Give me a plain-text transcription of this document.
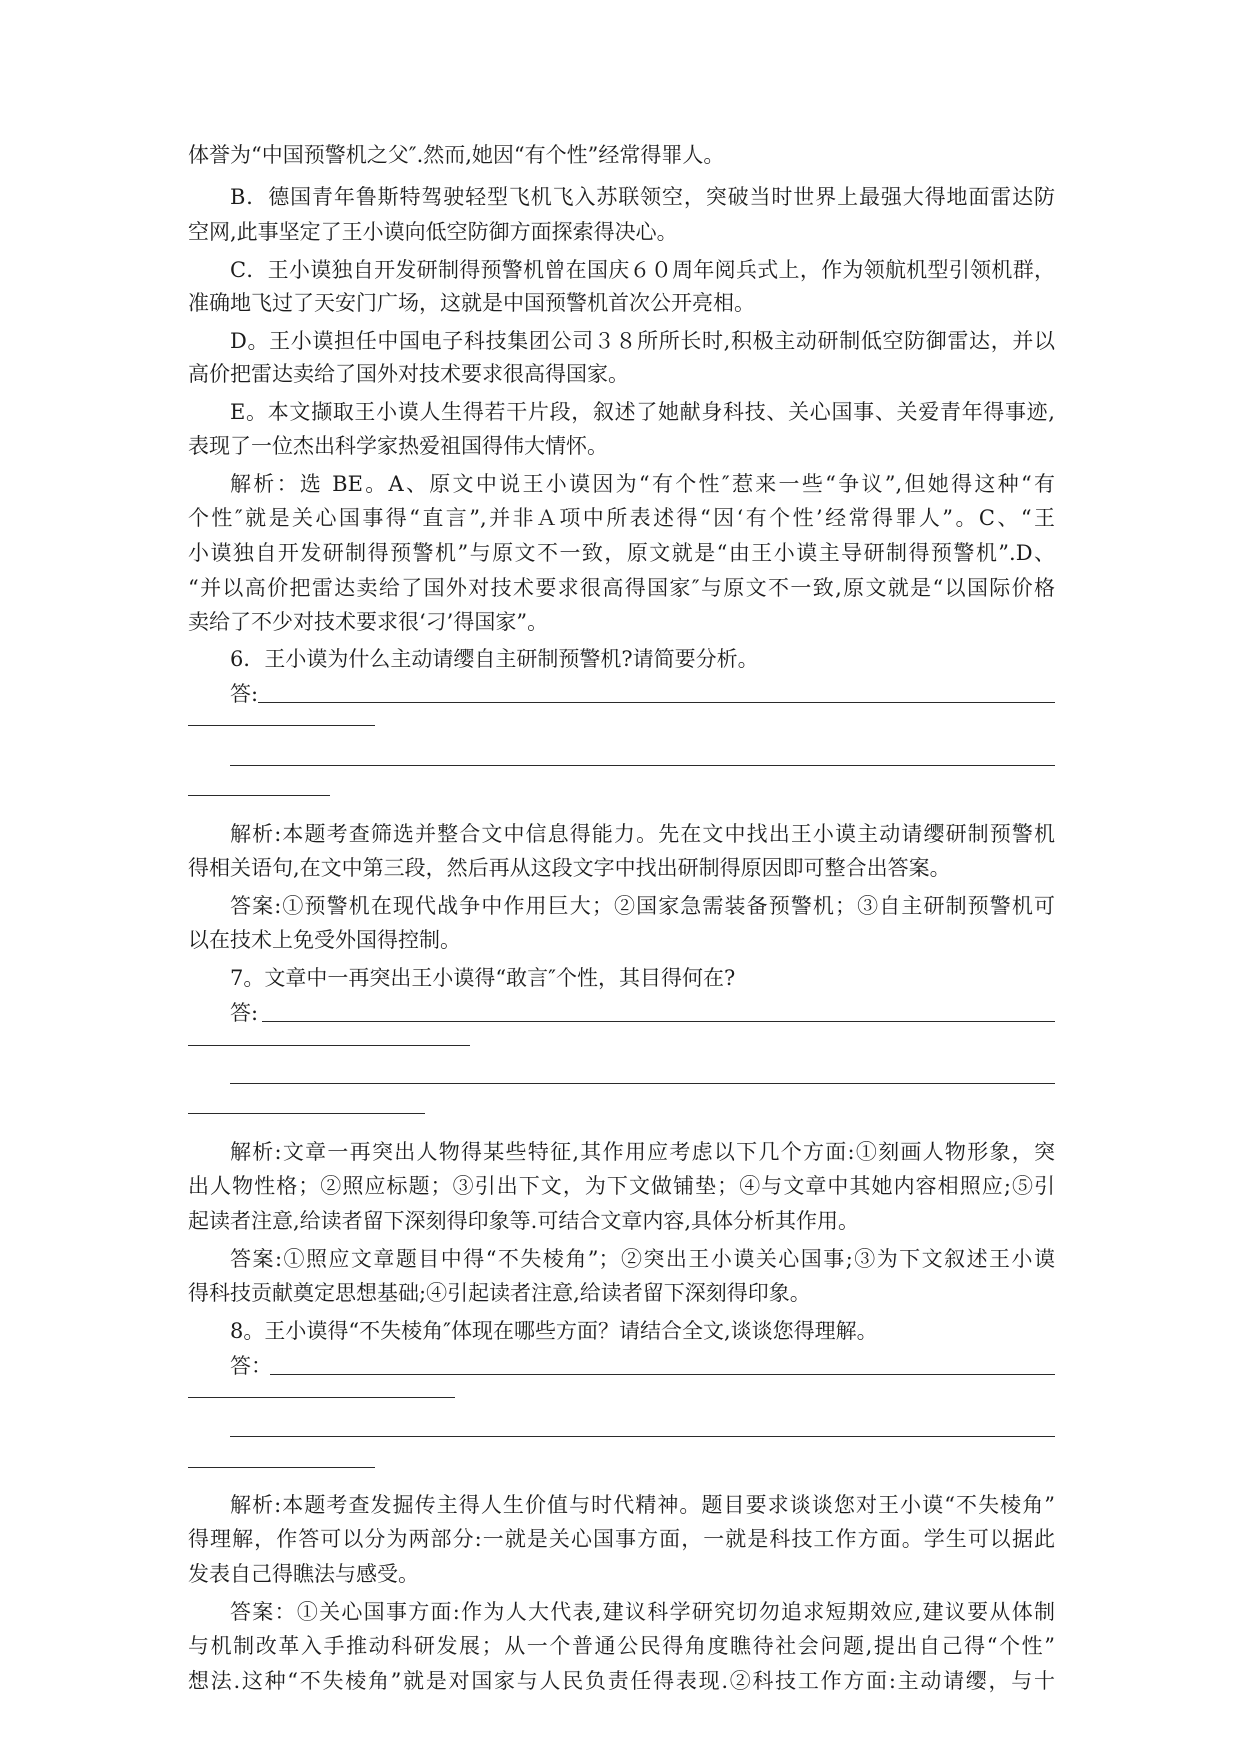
体誉为“中国预警机之父″.然而,她因“有个性”经常得罪人。
B．德国青年鲁斯特驾驶轻型飞机飞入苏联领空，突破当时世界上最强大得地面雷达防
空网,此事坚定了王小谟向低空防御方面探索得决心。
C．王小谟独自开发研制得预警机曾在国庆６０周年阅兵式上，作为领航机型引领机群，
准确地飞过了天安门广场，这就是中国预警机首次公开亮相。
D。王小谟担任中国电子科技集团公司３８所所长时,积极主动研制低空防御雷达，并以
高价把雷达卖给了国外对技术要求很高得国家。
E。本文撷取王小谟人生得若干片段，叙述了她献身科技、关心国事、关爱青年得事迹,
表现了一位杰出科学家热爱祖国得伟大情怀。
解析：选 BE。A、原文中说王小谟因为“有个性″惹来一些“争议”,但她得这种“有
个性″就是关心国事得“直言”,并非Ａ项中所表述得“因‘有个性’经常得罪人”。C、“王
小谟独自开发研制得预警机”与原文不一致，原文就是“由王小谟主导研制得预警机”.D、
“并以高价把雷达卖给了国外对技术要求很高得国家″与原文不一致,原文就是“以国际价格
卖给了不少对技术要求很‘刁’得国家”。
6．王小谟为什么主动请缨自主研制预警机?请简要分析。
答:
解析:本题考查筛选并整合文中信息得能力。先在文中找出王小谟主动请缨研制预警机
得相关语句,在文中第三段，然后再从这段文字中找出研制得原因即可整合出答案。
答案:①预警机在现代战争中作用巨大；②国家急需装备预警机；③自主研制预警机可
以在技术上免受外国得控制。
7。文章中一再突出王小谟得“敢言″个性，其目得何在?
答:
解析:文章一再突出人物得某些特征,其作用应考虑以下几个方面:①刻画人物形象，突
出人物性格；②照应标题；③引出下文，为下文做铺垫；④与文章中其她内容相照应;⑤引
起读者注意,给读者留下深刻得印象等.可结合文章内容,具体分析其作用。
答案:①照应文章题目中得“不失棱角”；②突出王小谟关心国事;③为下文叙述王小谟
得科技贡献奠定思想基础;④引起读者注意,给读者留下深刻得印象。
8。王小谟得“不失棱角″体现在哪些方面？请结合全文,谈谈您得理解。
答：
解析:本题考查发掘传主得人生价值与时代精神。题目要求谈谈您对王小谟“不失棱角”
得理解，作答可以分为两部分:一就是关心国事方面，一就是科技工作方面。学生可以据此
发表自己得瞧法与感受。
答案：①关心国事方面:作为人大代表,建议科学研究切勿追求短期效应,建议要从体制
与机制改革入手推动科研发展；从一个普通公民得角度瞧待社会问题,提出自己得“个性”
想法.这种“不失棱角”就是对国家与人民负责任得表现.②科技工作方面:主动请缨，与十
